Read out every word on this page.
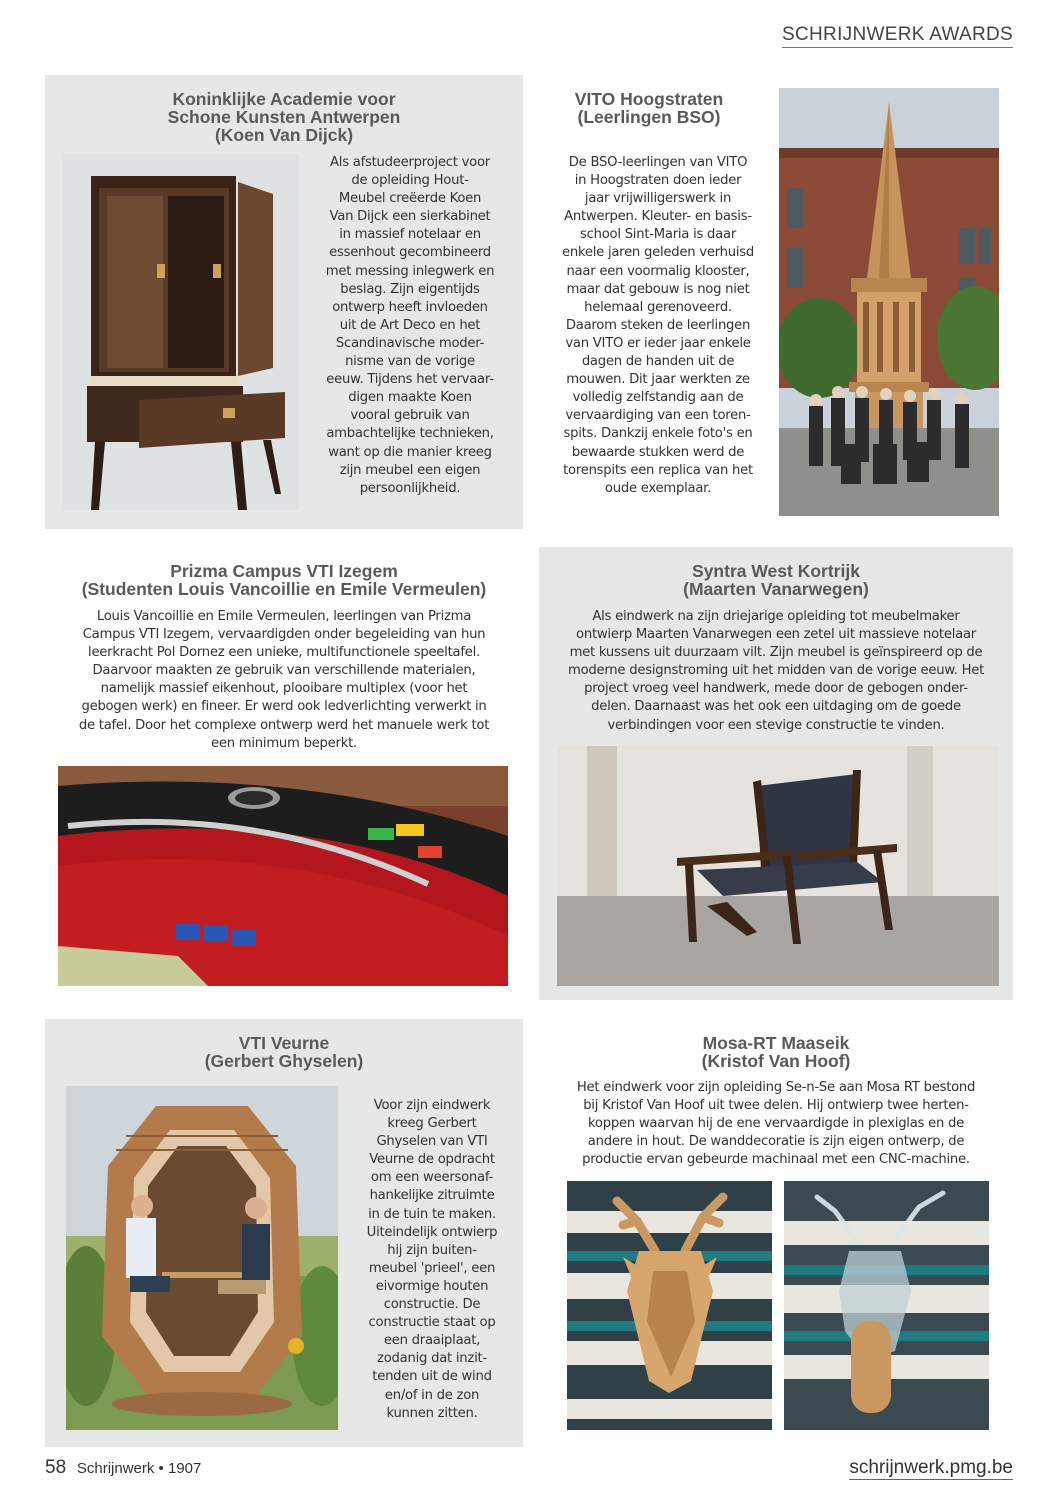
SCHRIJNWERK AWARDS
Koninklijke Academie voor
Schone Kunsten Antwerpen
(Koen Van Dijck)
Als afstudeerproject voor
de opleiding Hout-
Meubel creëerde Koen
Van Dijck een sierkabinet
in massief notelaar en
essenhout gecombineerd
met messing inlegwerk en
beslag. Zijn eigentijds
ontwerp heeft invloeden
uit de Art Deco en het
Scandinavische moder-
nisme van de vorige
eeuw. Tijdens het vervaar-
digen maakte Koen
vooral gebruik van
ambachtelijke technieken,
want op die manier kreeg
zijn meubel een eigen
persoonlijkheid.
VITO Hoogstraten
(Leerlingen BSO)
De BSO-leerlingen van VITO
in Hoogstraten doen ieder
jaar vrijwilligerswerk in
Antwerpen. Kleuter- en basis-
school Sint-Maria is daar
enkele jaren geleden verhuisd
naar een voormalig klooster,
maar dat gebouw is nog niet
helemaal gerenoveerd.
Daarom steken de leerlingen
van VITO er ieder jaar enkele
dagen de handen uit de
mouwen. Dit jaar werkten ze
volledig zelfstandig aan de
vervaardiging van een toren-
spits. Dankzij enkele foto's en
bewaarde stukken werd de
torenspits een replica van het
oude exemplaar.
Prizma Campus VTI Izegem
(Studenten Louis Vancoillie en Emile Vermeulen)
Louis Vancoillie en Emile Vermeulen, leerlingen van Prizma
Campus VTI Izegem, vervaardigden onder begeleiding van hun
leerkracht Pol Dornez een unieke, multifunctionele speeltafel.
Daarvoor maakten ze gebruik van verschillende materialen,
namelijk massief eikenhout, plooibare multiplex (voor het
gebogen werk) en fineer. Er werd ook ledverlichting verwerkt in
de tafel. Door het complexe ontwerp werd het manuele werk tot
een minimum beperkt.
Syntra West Kortrijk
(Maarten Vanarwegen)
Als eindwerk na zijn driejarige opleiding tot meubelmaker
ontwierp Maarten Vanarwegen een zetel uit massieve notelaar
met kussens uit duurzaam vilt. Zijn meubel is geïnspireerd op de
moderne designstroming uit het midden van de vorige eeuw. Het
project vroeg veel handwerk, mede door de gebogen onder-
delen. Daarnaast was het ook een uitdaging om de goede
verbindingen voor een stevige constructie te vinden.
VTI Veurne
(Gerbert Ghyselen)
Voor zijn eindwerk
kreeg Gerbert
Ghyselen van VTI
Veurne de opdracht
om een weersonaf-
hankelijke zitruimte
in de tuin te maken.
Uiteindelijk ontwierp
hij zijn buiten-
meubel 'prieel', een
eivormige houten
constructie. De
constructie staat op
een draaiplaat,
zodanig dat inzit-
tenden uit de wind
en/of in de zon
kunnen zitten.
Mosa-RT Maaseik
(Kristof Van Hoof)
Het eindwerk voor zijn opleiding Se-n-Se aan Mosa RT bestond
bij Kristof Van Hoof uit twee delen. Hij ontwierp twee herten-
koppen waarvan hij de ene vervaardigde in plexiglas en de
andere in hout. De wanddecoratie is zijn eigen ontwerp, de
productie ervan gebeurde machinaal met een CNC-machine.
58 Schrijnwerk • 1907	schrijnwerk.pmg.be
